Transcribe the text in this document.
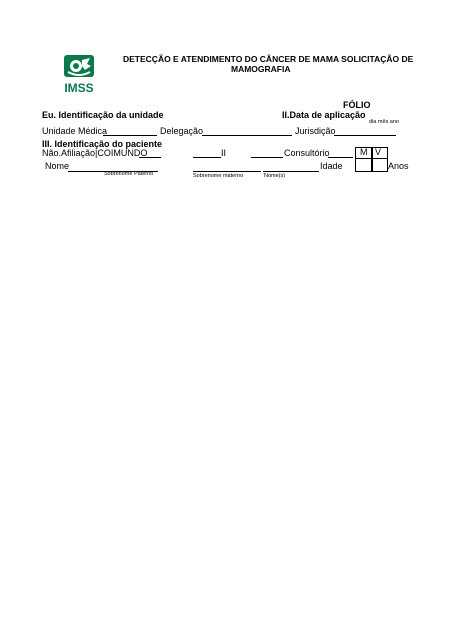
IMSS
DETECÇÃO E ATENDIMENTO DO CÂNCER DE MAMA SOLICITAÇÃO DE
MAMOGRAFIA
FÓLIO
Eu. Identificação da unidade	II.Data de aplicação
dia mês ano
Unidade Médica	Delegação	Jurisdição
III. Identificação do paciente
Não.Afiliação|COIMUNDO	II	Consultório	M V
Nome	Idade	Anos
Sobrenome Paterno	Sobrenome materno	Nome(s)
